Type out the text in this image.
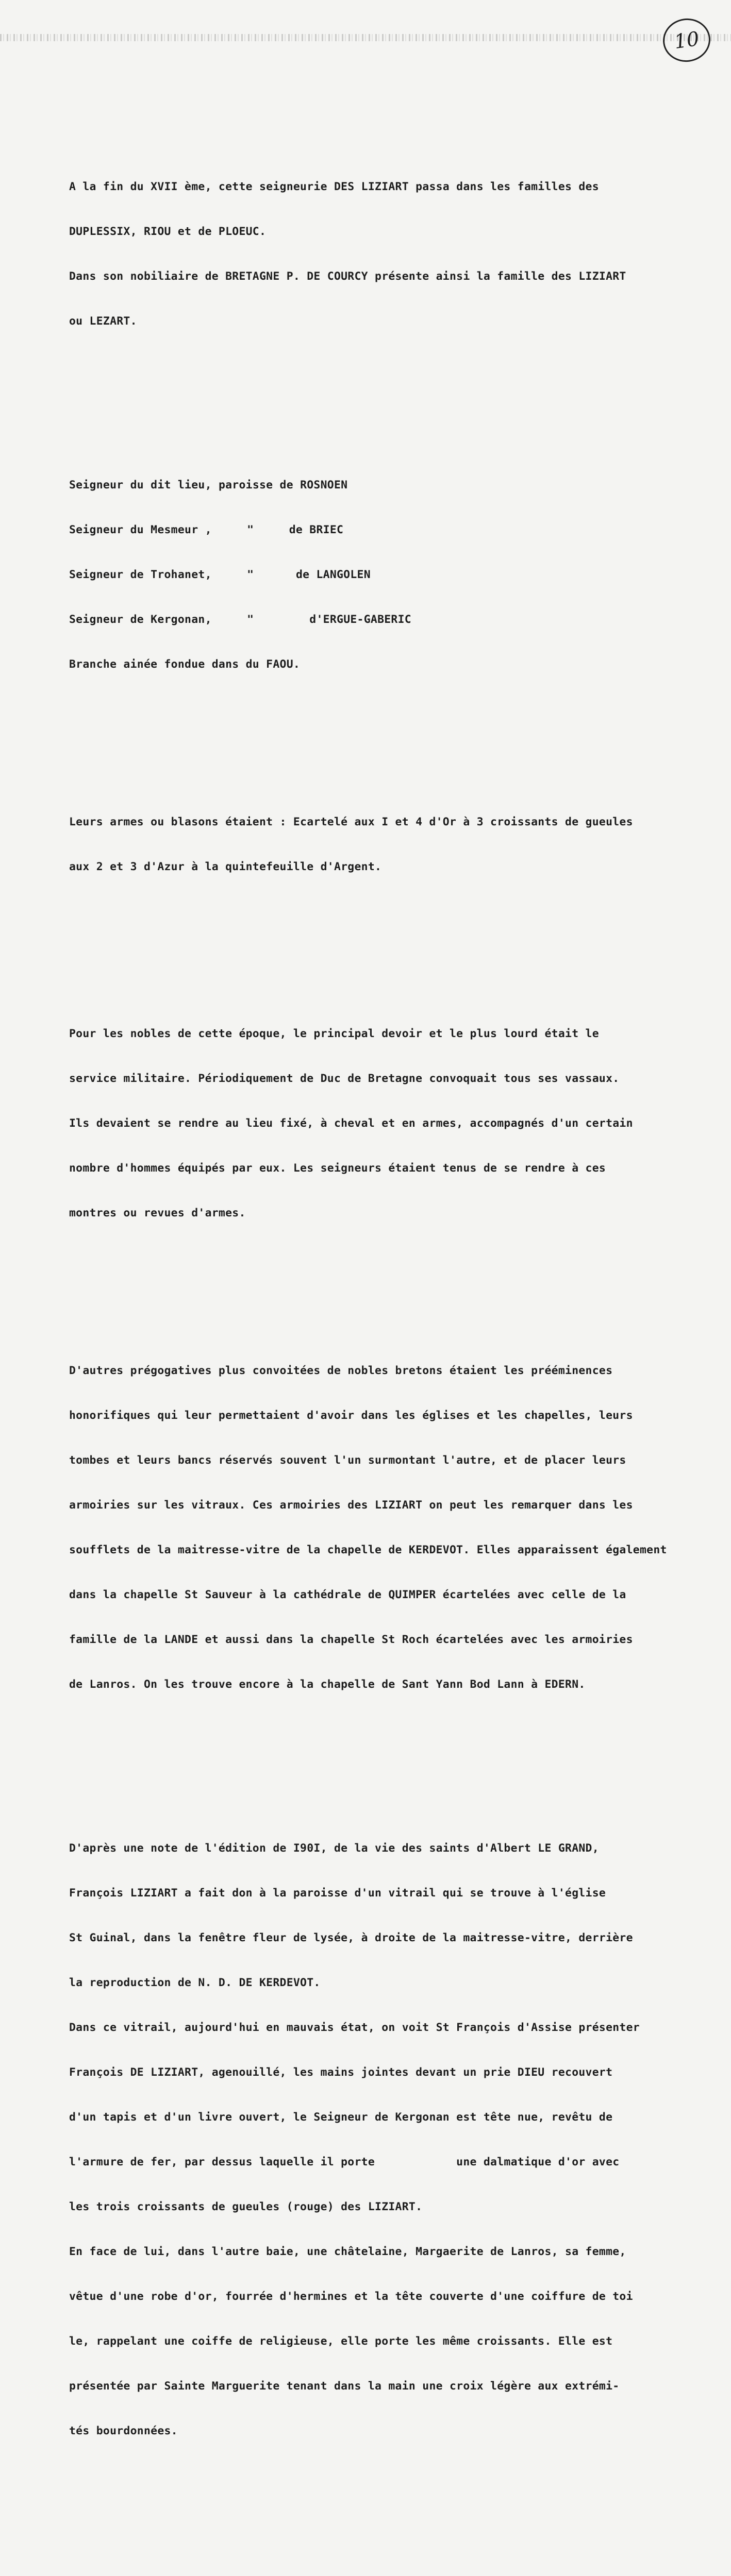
10

A la fin du XVII ème, cette seigneurie DES LIZIART passa dans les familles des

DUPLESSIX, RIOU et de PLOEUC.

Dans son nobiliaire de BRETAGNE P. DE COURCY présente ainsi la famille des LIZIART

ou LEZART.

Seigneur du dit lieu, paroisse de ROSNOEN

Seigneur du Mesmeur ,	"	de BRIEC

Seigneur de Trohanet,	"	de LANGOLEN

Seigneur de Kergonan,	"	d'ERGUE-GABERIC

Branche ainée fondue dans du FAOU.

Leurs armes ou blasons étaient : Ecartelé aux I et 4 d'Or à 3 croissants de gueules

aux 2 et 3 d'Azur à la quintefeuille d'Argent.

Pour les nobles de cette époque, le principal devoir et le plus lourd était le

service militaire. Périodiquement de Duc de Bretagne convoquait tous ses vassaux.

Ils devaient se rendre au lieu fixé, à cheval et en armes, accompagnés d'un certain

nombre d'hommes équipés par eux. Les seigneurs étaient tenus de se rendre à ces

montres ou revues d'armes.

D'autres prégogatives plus convoitées de nobles bretons étaient les prééminences

honorifiques qui leur permettaient d'avoir dans les églises et les chapelles, leurs

tombes et leurs bancs réservés souvent l'un surmontant l'autre, et de placer leurs

armoiries sur les vitraux. Ces armoiries des LIZIART on peut les remarquer dans les

soufflets de la maitresse-vitre de la chapelle de KERDEVOT. Elles apparaissent également

dans la chapelle St Sauveur à la cathédrale de QUIMPER écartelées avec celle de la

famille de la LANDE et aussi dans la chapelle St Roch écartelées avec les armoiries

de Lanros. On les trouve encore à la chapelle de Sant Yann Bod Lann à EDERN.

D'après une note de l'édition de I90I, de la vie des saints d'Albert LE GRAND,

François LIZIART a fait don à la paroisse d'un vitrail qui se trouve à l'église

St Guinal, dans la fenêtre fleur de lysée, à droite de la maitresse-vitre, derrière

la reproduction de N. D. DE KERDEVOT.

Dans ce vitrail, aujourd'hui en mauvais état, on voit St François d'Assise présenter

François DE LIZIART, agenouillé, les mains jointes devant un prie DIEU recouvert

d'un tapis et d'un livre ouvert, le Seigneur de Kergonan est tête nue, revêtu de

l'armure de fer, par dessus laquelle il porte            une dalmatique d'or avec

les trois croissants de gueules (rouge) des LIZIART.

En face de lui, dans l'autre baie, une châtelaine, Margaerite de Lanros, sa femme,

vêtue d'une robe d'or, fourrée d'hermines et la tête couverte d'une coiffure de toi

le, rappelant une coiffe de religieuse, elle porte les même croissants. Elle est

présentée par Sainte Marguerite tenant dans la main une croix légère aux extrémi-

tés bourdonnées.
